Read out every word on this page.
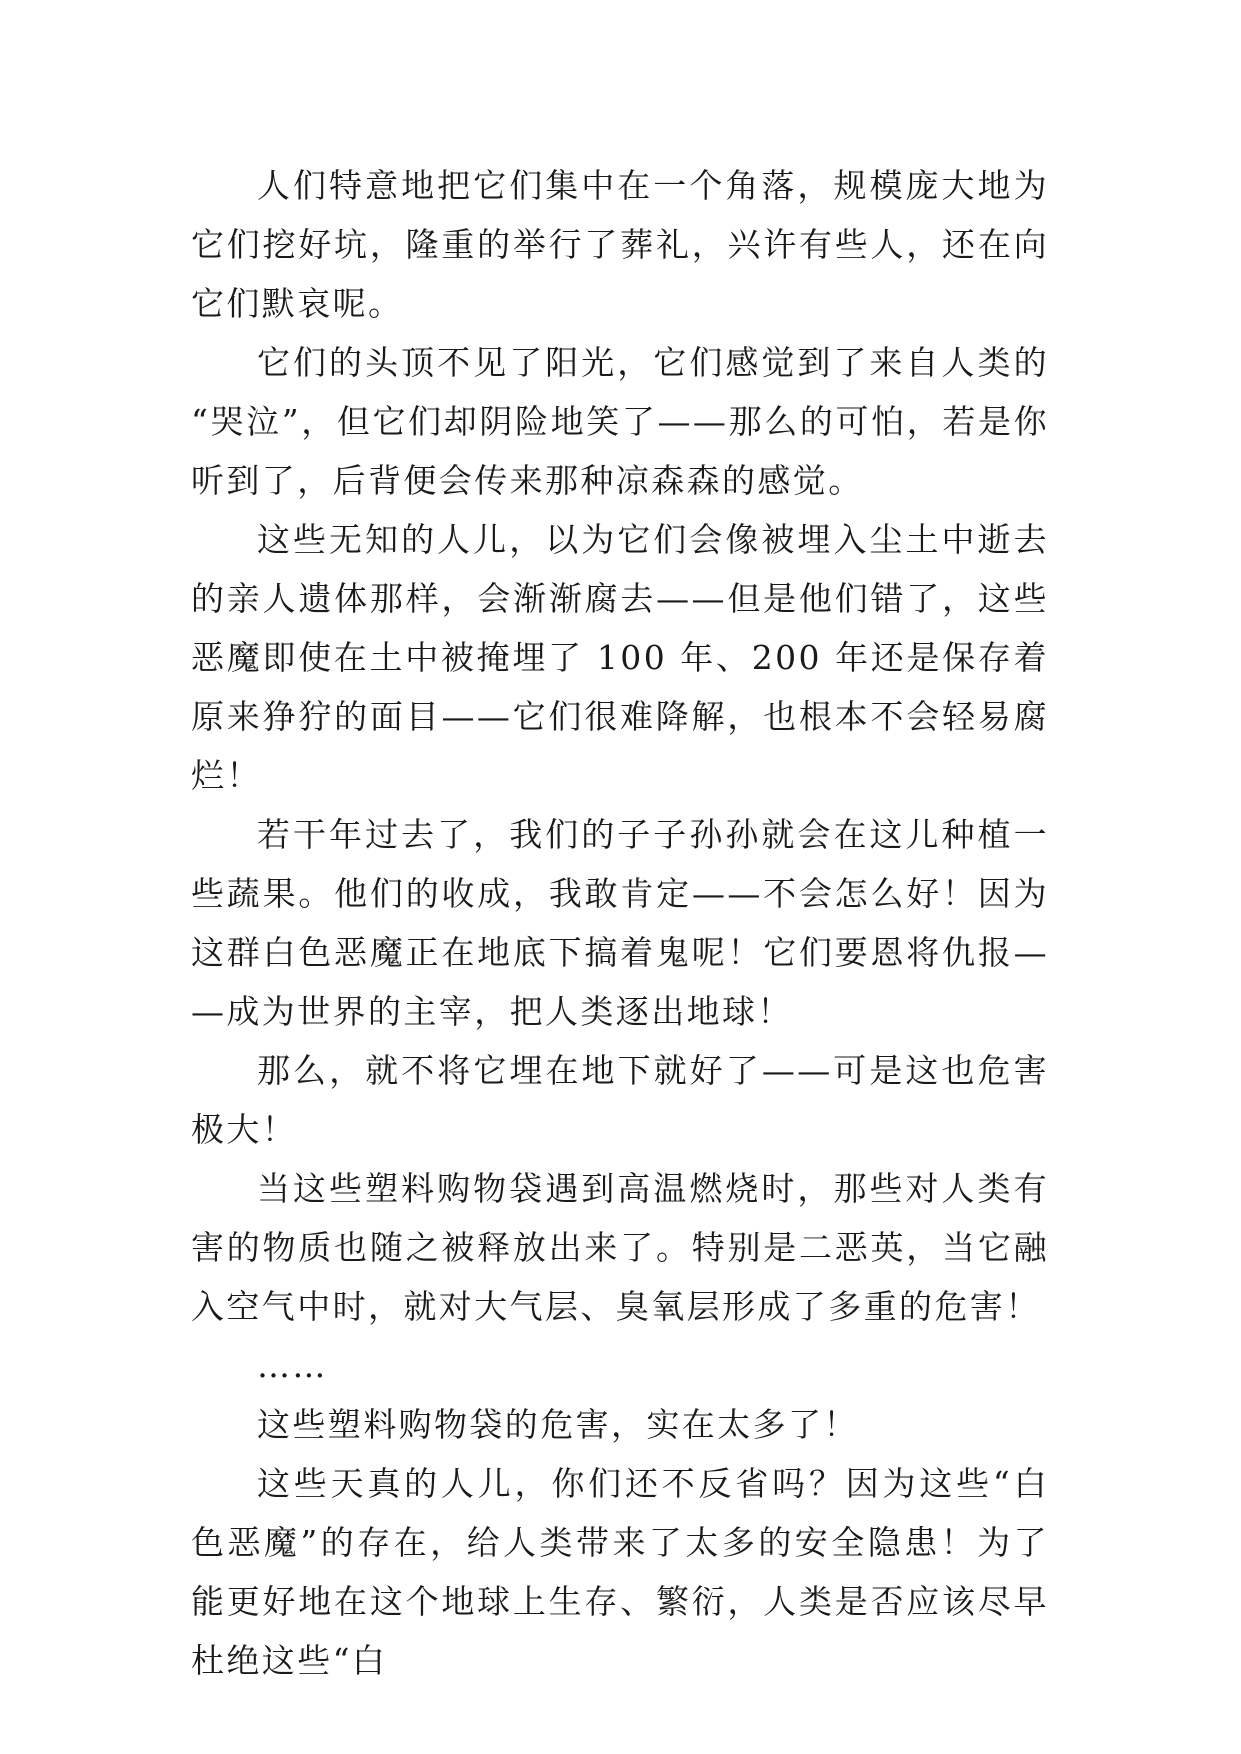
人们特意地把它们集中在一个角落，规模庞大地为它们挖好坑，隆重的举行了葬礼，兴许有些人，还在向它们默哀呢。

它们的头顶不见了阳光，它们感觉到了来自人类的“哭泣”，但它们却阴险地笑了——那么的可怕，若是你听到了，后背便会传来那种凉森森的感觉。

这些无知的人儿，以为它们会像被埋入尘土中逝去的亲人遗体那样，会渐渐腐去——但是他们错了，这些恶魔即使在土中被掩埋了 100 年、200 年还是保存着原来狰狞的面目——它们很难降解，也根本不会轻易腐烂！

若干年过去了，我们的子子孙孙就会在这儿种植一些蔬果。他们的收成，我敢肯定——不会怎么好！因为这群白色恶魔正在地底下搞着鬼呢！它们要恩将仇报——成为世界的主宰，把人类逐出地球！

那么，就不将它埋在地下就好了——可是这也危害极大！

当这些塑料购物袋遇到高温燃烧时，那些对人类有害的物质也随之被释放出来了。特别是二恶英，当它融入空气中时，就对大气层、臭氧层形成了多重的危害！

……

这些塑料购物袋的危害，实在太多了！

这些天真的人儿，你们还不反省吗？因为这些“白色恶魔”的存在，给人类带来了太多的安全隐患！为了能更好地在这个地球上生存、繁衍，人类是否应该尽早杜绝这些“白
